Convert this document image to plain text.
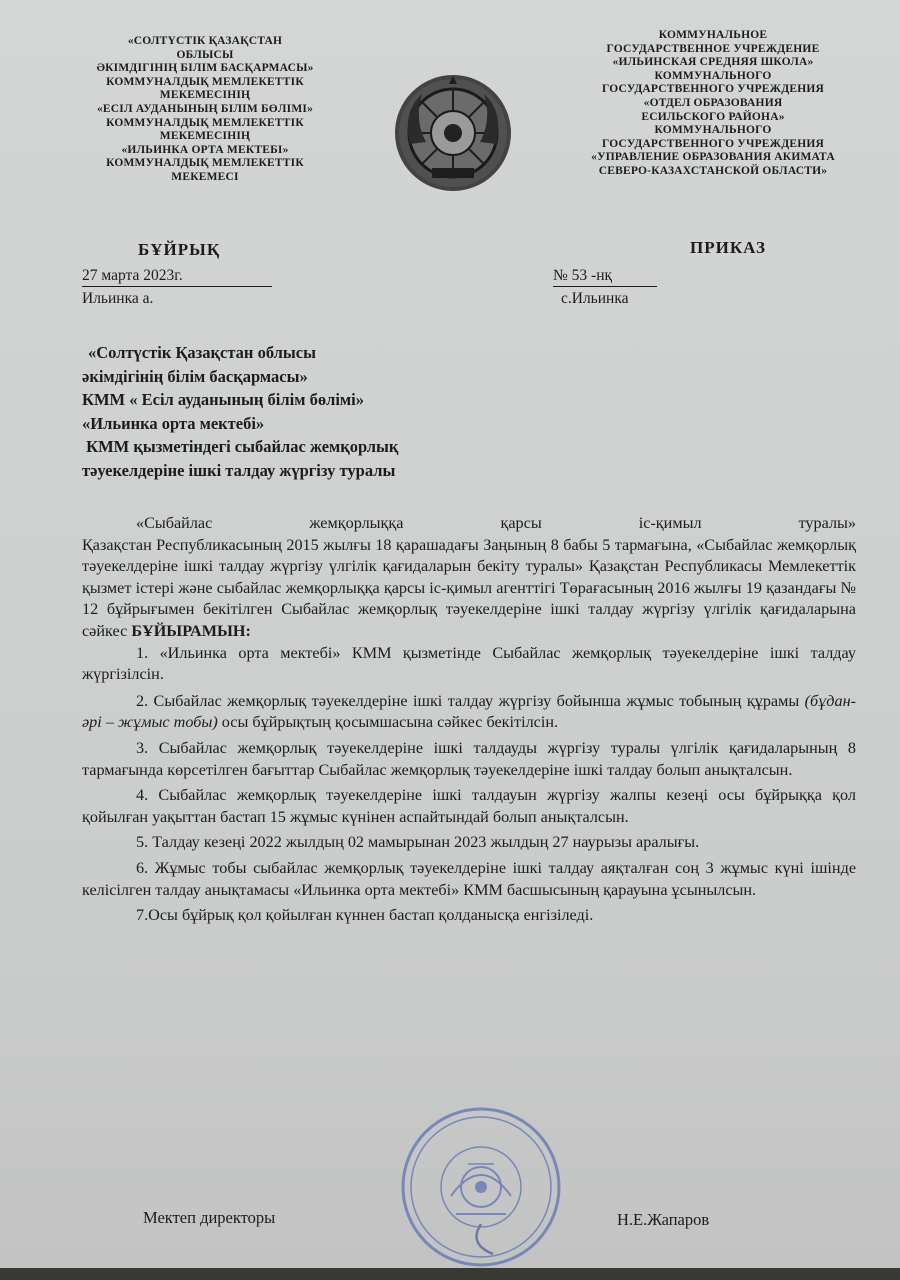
«СОЛТҮСТІК ҚАЗАҚСТАН
ОБЛЫСЫ
ӘКІМДІГІНІҢ БІЛІМ БАСҚАРМАСЫ»
КОММУНАЛДЫҚ МЕМЛЕКЕТТІК
МЕКЕМЕСІНІҢ
«ЕСІЛ АУДАНЫНЫҢ БІЛІМ БӨЛІМІ»
КОММУНАЛДЫҚ МЕМЛЕКЕТТІК
МЕКЕМЕСІНІҢ
«ИЛЬИНКА ОРТА МЕКТЕБІ»
КОММУНАЛДЫҚ МЕМЛЕКЕТТІК
МЕКЕМЕСІ
КОММУНАЛЬНОЕ
ГОСУДАРСТВЕННОЕ УЧРЕЖДЕНИЕ
«ИЛЬИНСКАЯ СРЕДНЯЯ ШКОЛА»
КОММУНАЛЬНОГО
ГОСУДАРСТВЕННОГО УЧРЕЖДЕНИЯ
«ОТДЕЛ ОБРАЗОВАНИЯ
ЕСИЛЬСКОГО РАЙОНА»
КОММУНАЛЬНОГО
ГОСУДАРСТВЕННОГО УЧРЕЖДЕНИЯ
«УПРАВЛЕНИЕ ОБРАЗОВАНИЯ АКИМАТА
СЕВЕРО-КАЗАХСТАНСКОЙ ОБЛАСТИ»
БҰЙРЫҚ	ПРИКАЗ
27 марта 2023г.	№ 53 -нқ
Ильинка а.	с.Ильинка
«Солтүстік Қазақстан облысы
әкімдігінің білім басқармасы»
КММ « Есіл ауданының білім бөлімі»
«Ильинка орта мектебі»
КММ қызметіндегі сыбайлас жемқорлық
тәуекелдеріне ішкі талдау жүргізу туралы

«Сыбайлас жемқорлыққа қарсы іс-қимыл туралы»

Қазақстан Республикасының 2015 жылғы 18 қарашадағы Заңының 8 бабы 5 тармағына, «Сыбайлас жемқорлық тәуекелдеріне ішкі талдау жүргізу үлгілік қағидаларын бекіту туралы» Қазақстан Республикасы Мемлекеттік қызмет істері және сыбайлас жемқорлыққа қарсы іс-қимыл агенттігі Төрағасының 2016 жылғы 19 қазандағы № 12 бұйрығымен бекітілген Сыбайлас жемқорлық тәуекелдеріне ішкі талдау жүргізу үлгілік қағидаларына сәйкес БҰЙЫРАМЫН:

1. «Ильинка орта мектебі» КММ қызметінде Сыбайлас жемқорлық тәуекелдеріне ішкі талдау жүргізілсін.

2. Сыбайлас жемқорлық тәуекелдеріне ішкі талдау жүргізу бойынша жұмыс тобының құрамы (бұдан-әрі – жұмыс тобы) осы бұйрықтың қосымшасына сәйкес бекітілсін.

3. Сыбайлас жемқорлық тәуекелдеріне ішкі талдауды жүргізу туралы үлгілік қағидаларының 8 тармағында көрсетілген бағыттар Сыбайлас жемқорлық тәуекелдеріне ішкі талдау болып анықталсын.

4. Сыбайлас жемқорлық тәуекелдеріне ішкі талдауын жүргізу жалпы кезеңі осы бұйрыққа қол қойылған уақыттан бастап 15 жұмыс күнінен аспайтындай болып анықталсын.

5. Талдау кезеңі 2022 жылдың 02 мамырынан 2023 жылдың 27 наурызы аралығы.

6. Жұмыс тобы сыбайлас жемқорлық тәуекелдеріне ішкі талдау аяқталған соң 3 жұмыс күні ішінде келісілген талдау анықтамасы «Ильинка орта мектебі» КММ басшысының қарауына ұсынылсын.

7.Осы бұйрық қол қойылған күннен бастап қолданысқа енгізіледі.

Мектеп директоры	Н.Е.Жапаров
